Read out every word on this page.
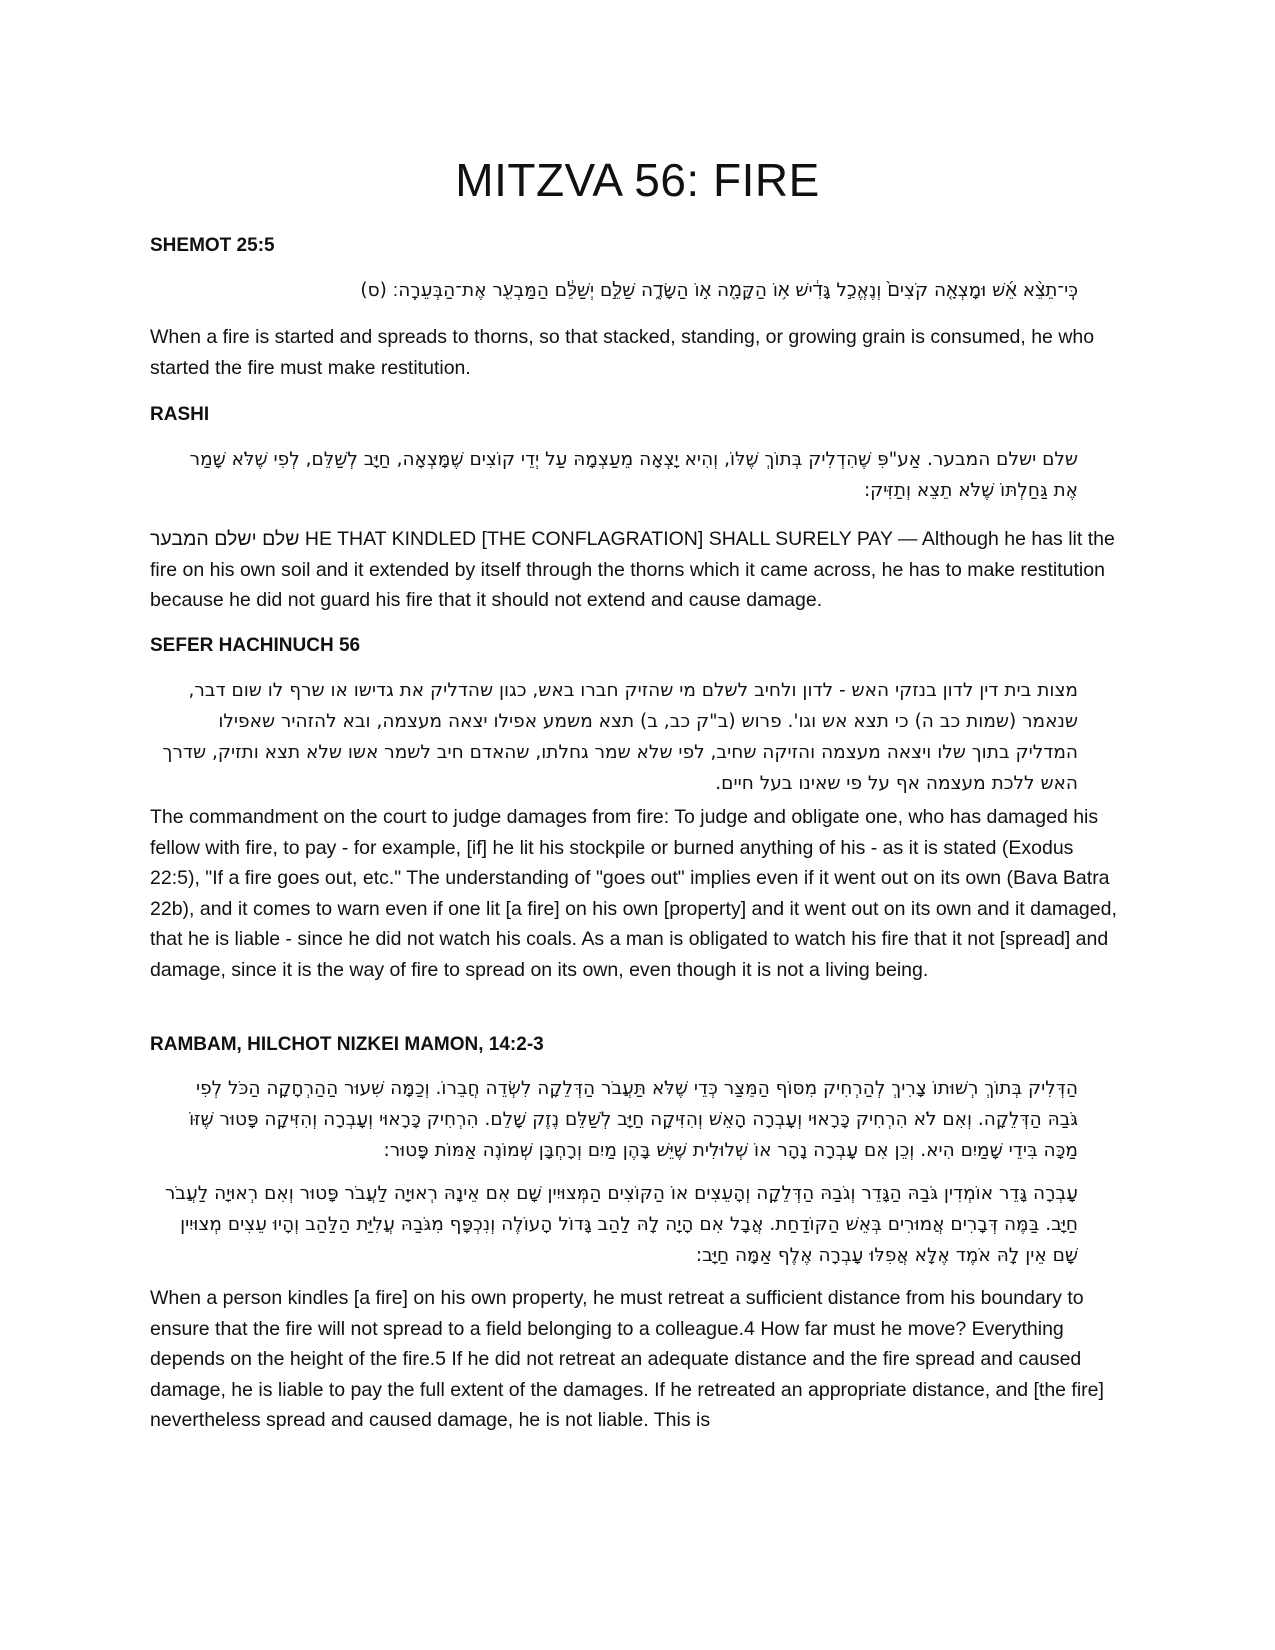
MITZVA 56: FIRE
SHEMOT 25:5

כִּֽי־תֵצֵ֨א אֵ֜שׁ וּמָצְאָ֤ה קֹצִים֙ וְנֶאֱכַ֣ל גָּדִ֔ישׁ א֥וֹ הַקָּמָ֖ה א֣וֹ הַשָּׂדֶ֑ה שַׁלֵּ֣ם יְשַׁלֵּ֔ם הַמַּבְעִ֖ר אֶת־הַבְּעֵרָֽה׃ (ס)

When a fire is started and spreads to thorns, so that stacked, standing, or growing grain is consumed, he who started the fire must make restitution.

RASHI

שלם ישלם המבער. אַע"פִּ שֶׁהִדְלִיק בְּתוֹךְ שֶׁלּוֹ, וְהִיא יָצְאָה מֵעַצְמָהּ עַל יְדֵי קוֹצִים שֶׁמָּצְאָה, חַיָּב לְשַׁלֵּם, לְפִי שֶׁלֹּא שָׁמַר אֶת גַּחַלְתּוֹ שֶׁלֹּא תֵצֵא וְתַזִּיק:

שלם ישלם המבער HE THAT KINDLED [THE CONFLAGRATION] SHALL SURELY PAY — Although he has lit the fire on his own soil and it extended by itself through the thorns which it came across, he has to make restitution because he did not guard his fire that it should not extend and cause damage.

SEFER HACHINUCH 56

מצות בית דין לדון בנזקי האש - לדון ולחיב לשלם מי שהזיק חברו באש, כגון שהדליק את גדישו או שרף לו שום דבר, שנאמר (שמות כב ה) כי תצא אש וגו'. פרוש (ב"ק כב, ב) תצא משמע אפילו יצאה מעצמה, ובא להזהיר שאפילו המדליק בתוך שלו ויצאה מעצמה והזיקה שחיב, לפי שלא שמר גחלתו, שהאדם חיב לשמר אשו שלא תצא ותזיק, שדרך האש ללכת מעצמה אף על פי שאינו בעל חיים.

The commandment on the court to judge damages from fire: To judge and obligate one, who has damaged his fellow with fire, to pay - for example, [if] he lit his stockpile or burned anything of his - as it is stated (Exodus 22:5), "If a fire goes out, etc." The understanding of "goes out" implies even if it went out on its own (Bava Batra 22b), and it comes to warn even if one lit [a fire] on his own [property] and it went out on its own and it damaged, that he is liable - since he did not watch his coals. As a man is obligated to watch his fire that it not [spread] and damage, since it is the way of fire to spread on its own, even though it is not a living being.

RAMBAM, HILCHOT NIZKEI MAMON, 14:2-3

הַדְּלִיק בְּתוֹךְ רְשׁוּתוֹ צָרִיךְ לְהַרְחִיק מִסּוֹף הַמֵּצַר כְּדֵי שֶׁלֹּא תַּעֲבֹר הַדְּלֵקָה לִשְׂדֵה חֲבֵרוֹ. וְכַמָּה שִׁעוּר הַהַרְחָקָה הַכֹּל לְפִי גֹּבַהּ הַדְּלֵקָה. וְאִם לֹא הִרְחִיק כָּרָאוּי וְעָבְרָה הָאֵשׁ וְהִזִּיקָה חַיָּב לְשַׁלֵּם נֶזֶק שָׁלֵם. הִרְחִיק כָּרָאוּי וְעָבְרָה וְהִזִּיקָה פָּטוּר שֶׁזּוֹ מַכָּה בִּידֵי שָׁמַיִם הִיא. וְכֵן אִם עָבְרָה נָהָר אוֹ שְׁלוּלִית שֶׁיֵּשׁ בָּהֶן מַיִם וְרָחְבָּן שְׁמוֹנֶה אַמּוֹת פָּטוּר:

עָבְרָה גָּדֵר אוֹמְדִין גֹּבַהּ הַגָּדֵר וְגֹבַהּ הַדְּלֵקָה וְהָעֵצִים אוֹ הַקּוֹצִים הַמְּצוּיִין שָׁם אִם אֵינָהּ רְאוּיָה לַעֲבֹר פָּטוּר וְאִם רְאוּיָה לַעֲבֹר חַיָּב. בַּמֶּה דְּבָרִים אֲמוּרִים בְּאֵשׁ הַקּוֹדַחַת. אֲבָל אִם הָיָה לָהּ לַהַב גָּדוֹל הָעוֹלֶה וְנִכְפָּף מִגֹּבַהּ עֲלִיַּת הַלַּהַב וְהָיוּ עֵצִים מְצוּיִין שָׁם אֵין לָהּ אֹמֶד אֶלָּא אֲפִלּוּ עָבְרָה אֶלֶף אַמָּה חַיָּב:

When a person kindles [a fire] on his own property, he must retreat a sufficient distance from his boundary to ensure that the fire will not spread to a field belonging to a colleague.4 How far must he move? Everything depends on the height of the fire.5 If he did not retreat an adequate distance and the fire spread and caused damage, he is liable to pay the full extent of the damages. If he retreated an appropriate distance, and [the fire] nevertheless spread and caused damage, he is not liable. This is
